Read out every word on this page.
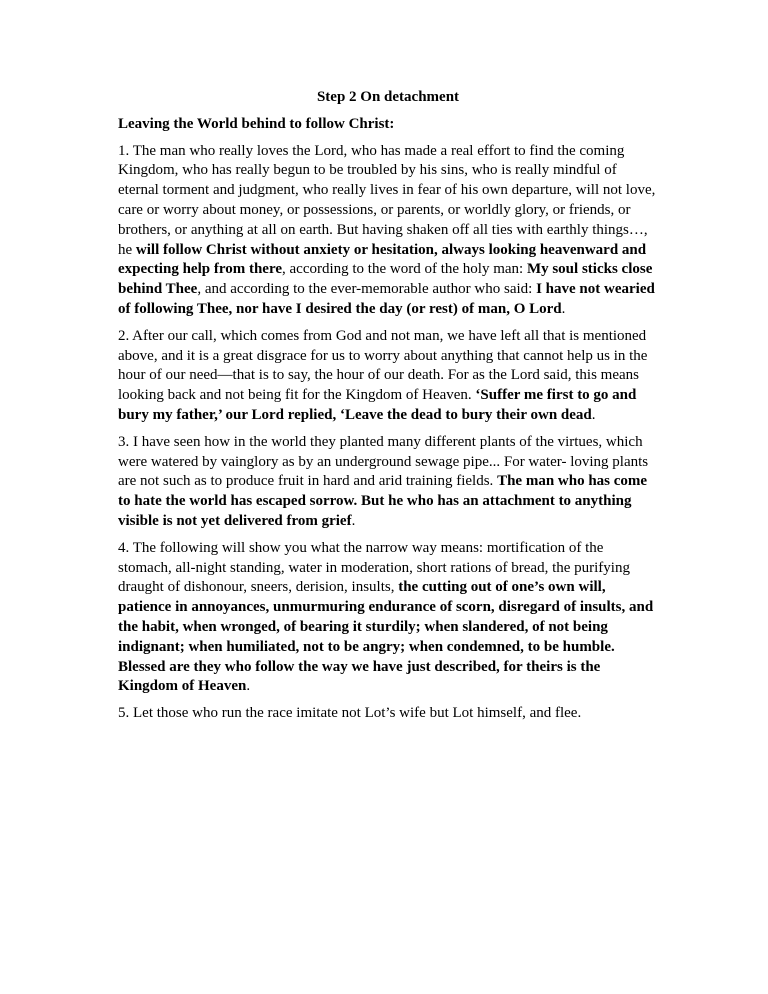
Step 2 On detachment
Leaving the World behind to follow Christ:

1. The man who really loves the Lord, who has made a real effort to find the coming Kingdom, who has really begun to be troubled by his sins, who is really mindful of eternal torment and judgment, who really lives in fear of his own departure, will not love, care or worry about money, or possessions, or parents, or worldly glory, or friends, or brothers, or anything at all on earth. But having shaken off all ties with earthly things…, he will follow Christ without anxiety or hesitation, always looking heavenward and expecting help from there, according to the word of the holy man: My soul sticks close behind Thee, and according to the ever-memorable author who said: I have not wearied of following Thee, nor have I desired the day (or rest) of man, O Lord.

2. After our call, which comes from God and not man, we have left all that is mentioned above, and it is a great disgrace for us to worry about anything that cannot help us in the hour of our need—that is to say, the hour of our death. For as the Lord said, this means looking back and not being fit for the Kingdom of Heaven. ‘Suffer me first to go and bury my father,’ our Lord replied, ‘Leave the dead to bury their own dead.

3. I have seen how in the world they planted many different plants of the virtues, which were watered by vainglory as by an underground sewage pipe... For water- loving plants are not such as to produce fruit in hard and arid training fields. The man who has come to hate the world has escaped sorrow. But he who has an attachment to anything visible is not yet delivered from grief.

4. The following will show you what the narrow way means: mortification of the stomach, all-night standing, water in moderation, short rations of bread, the purifying draught of dishonour, sneers, derision, insults, the cutting out of one’s own will, patience in annoyances, unmurmuring endurance of scorn, disregard of insults, and the habit, when wronged, of bearing it sturdily; when slandered, of not being indignant; when humiliated, not to be angry; when condemned, to be humble. Blessed are they who follow the way we have just described, for theirs is the Kingdom of Heaven.

5. Let those who run the race imitate not Lot’s wife but Lot himself, and flee.
